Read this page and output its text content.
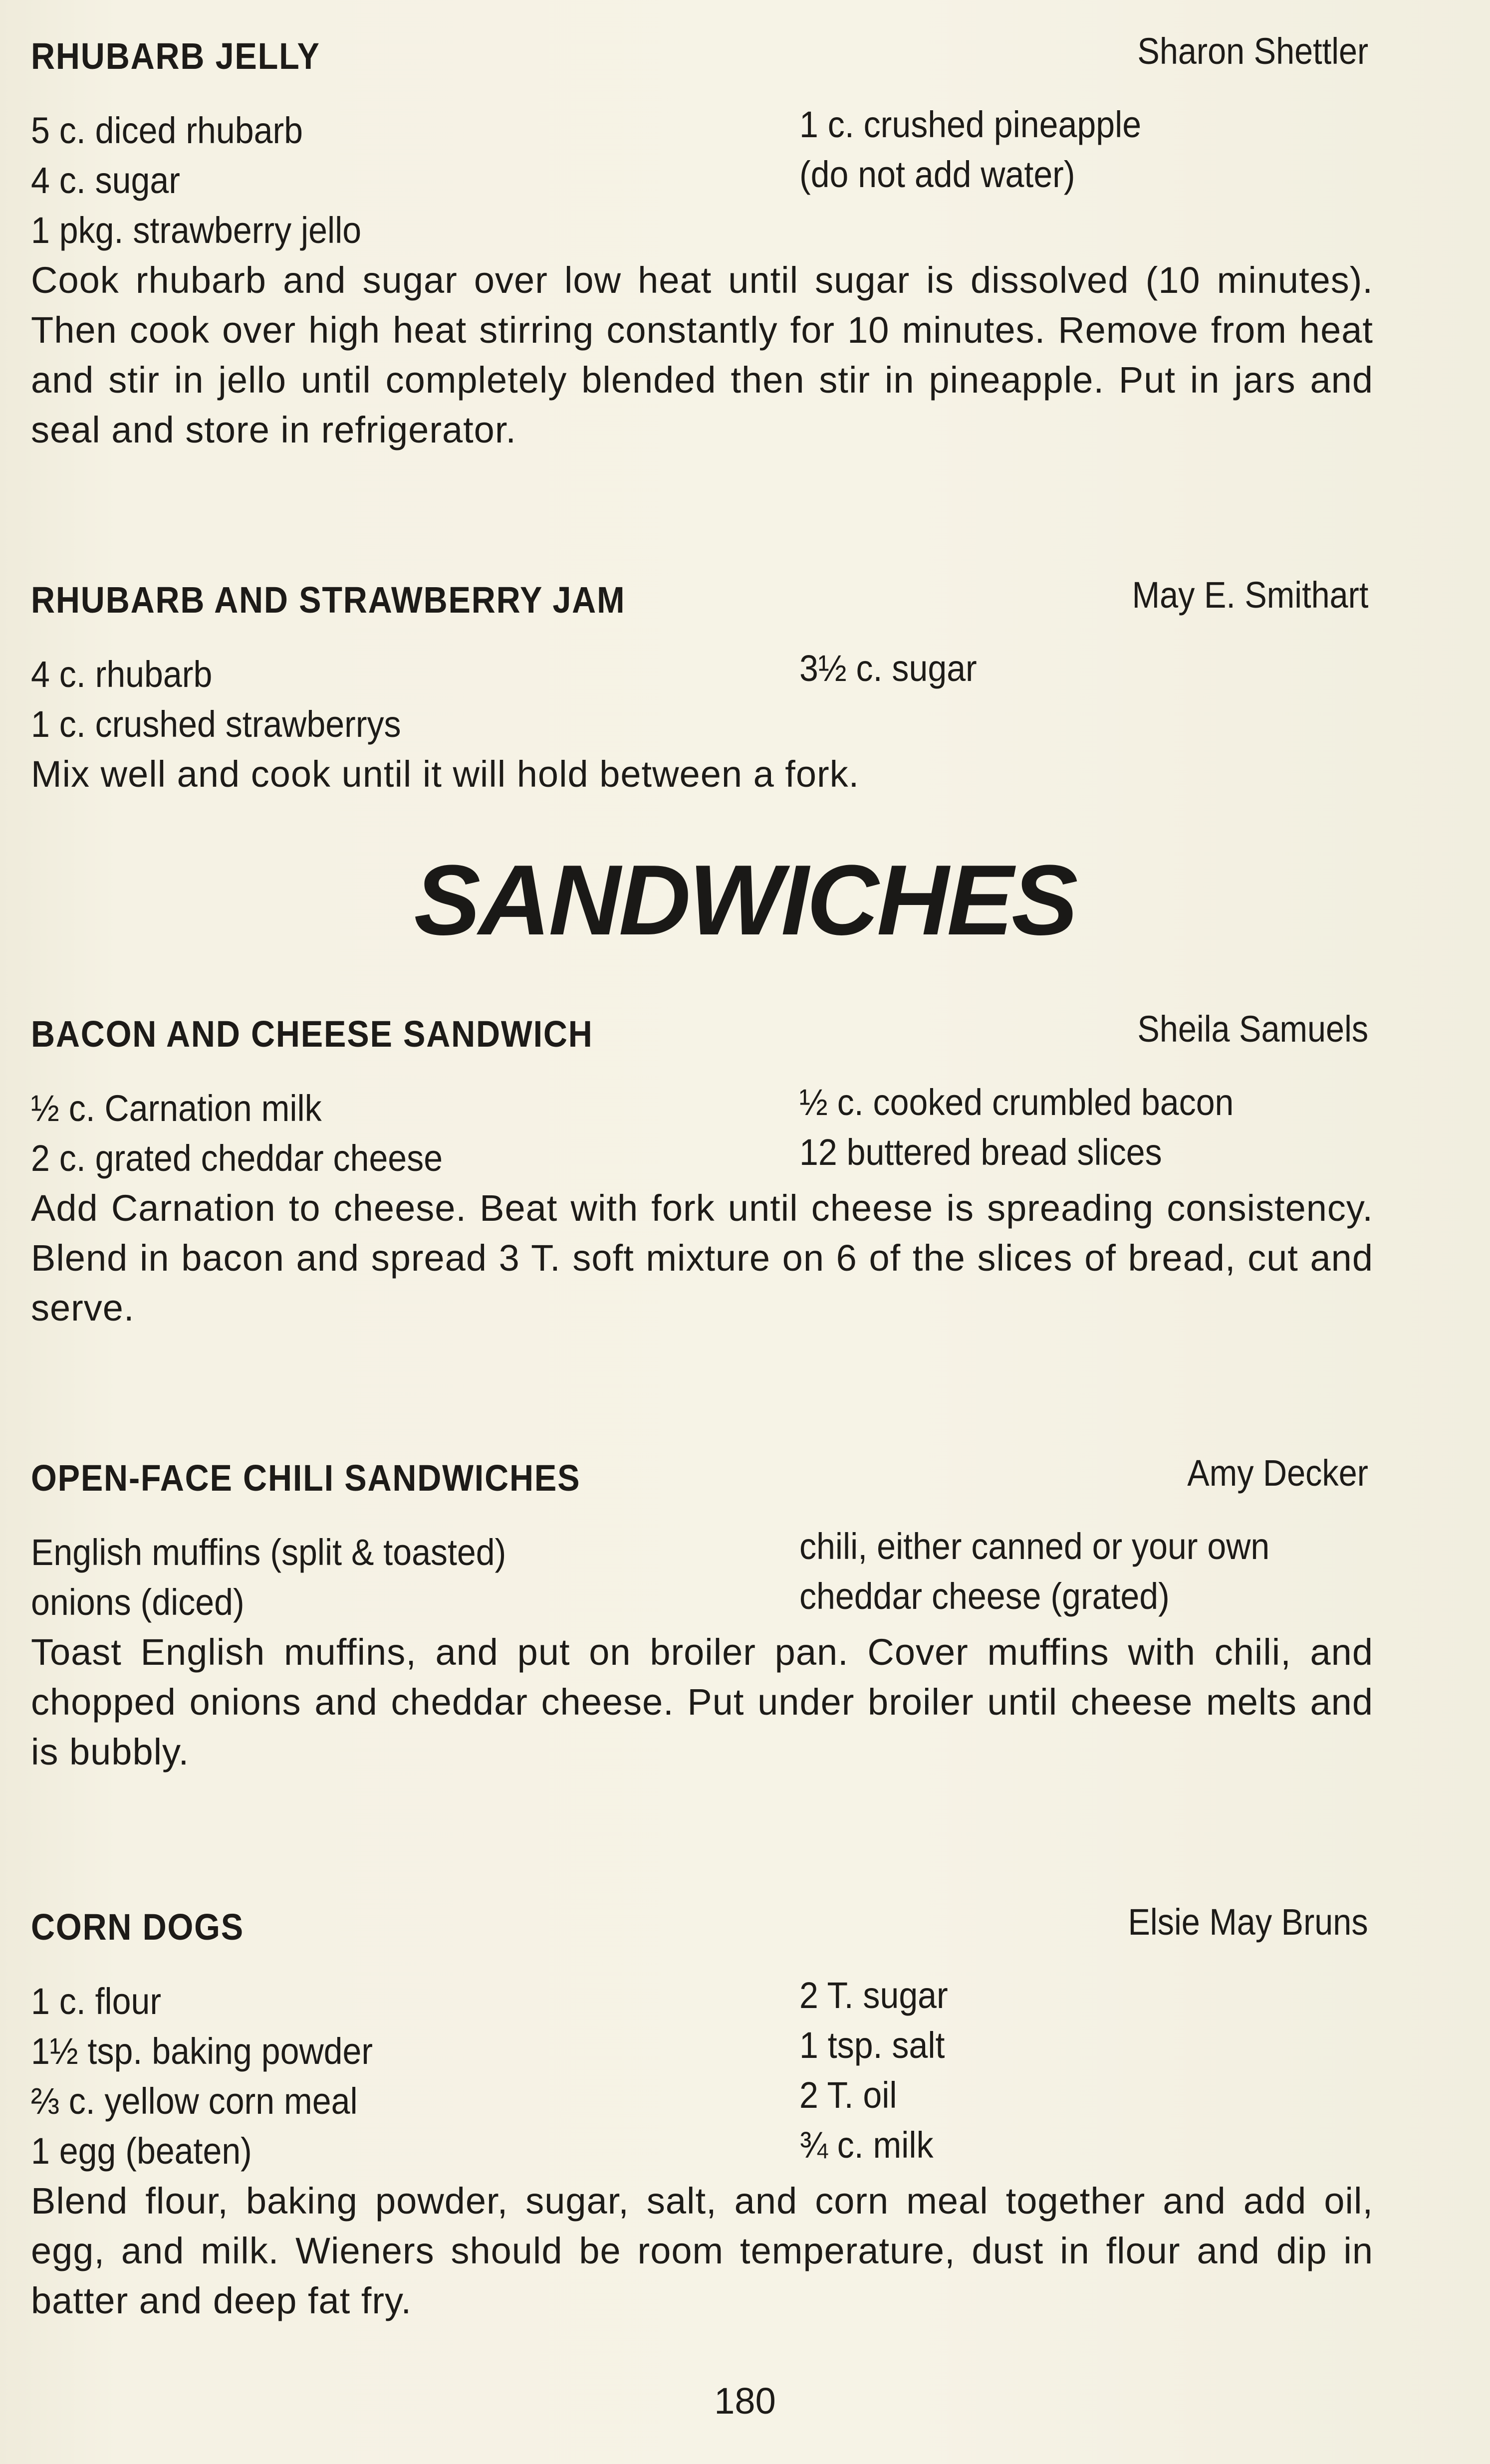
RHUBARB JELLY	Sharon Shettler
5 c. diced rhubarb
4 c. sugar
1 pkg. strawberry jello
1 c. crushed pineapple
(do not add water)
Cook rhubarb and sugar over low heat until sugar is dissolved (10 minutes). Then cook over high heat stirring constantly for 10 minutes. Remove from heat and stir in jello until completely blended then stir in pineapple. Put in jars and seal and store in refrigerator.
RHUBARB AND STRAWBERRY JAM	May E. Smithart
4 c. rhubarb
1 c. crushed strawberrys
3½ c. sugar
Mix well and cook until it will hold between a fork.
SANDWICHES
BACON AND CHEESE SANDWICH	Sheila Samuels
½ c. Carnation milk
2 c. grated cheddar cheese
½ c. cooked crumbled bacon
12 buttered bread slices
Add Carnation to cheese. Beat with fork until cheese is spreading consistency. Blend in bacon and spread 3 T. soft mixture on 6 of the slices of bread, cut and serve.
OPEN-FACE CHILI SANDWICHES	Amy Decker
English muffins (split & toasted)
onions (diced)
chili, either canned or your own
cheddar cheese (grated)
Toast English muffins, and put on broiler pan. Cover muffins with chili, and chopped onions and cheddar cheese. Put under broiler until cheese melts and is bubbly.
CORN DOGS	Elsie May Bruns
1 c. flour
1½ tsp. baking powder
⅔ c. yellow corn meal
1 egg (beaten)
2 T. sugar
1 tsp. salt
2 T. oil
¾ c. milk
Blend flour, baking powder, sugar, salt, and corn meal together and add oil, egg, and milk. Wieners should be room temperature, dust in flour and dip in batter and deep fat fry.
180
